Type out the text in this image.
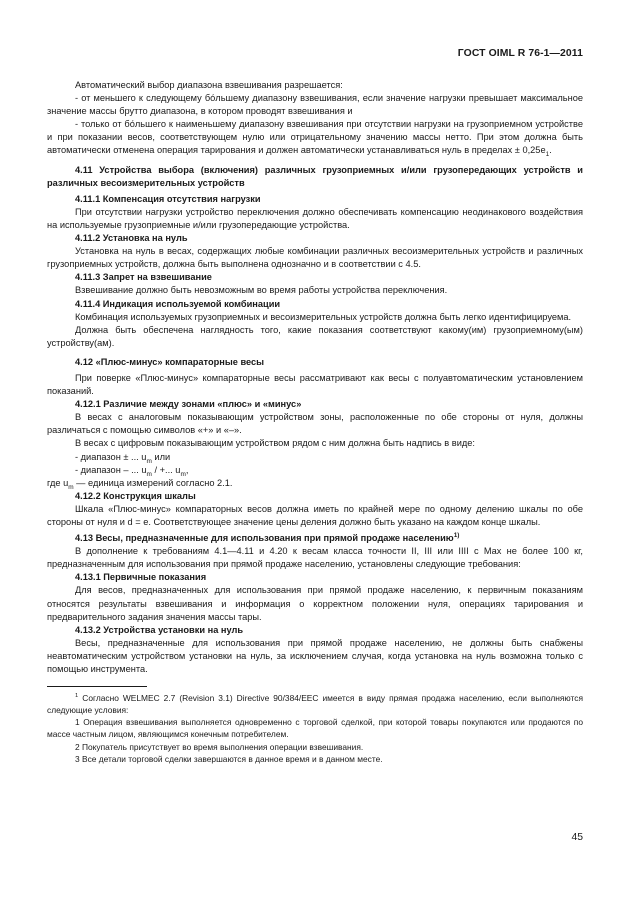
ГОСТ OIML R 76-1—2011

Автоматический выбор диапазона взвешивания разрешается:

- от меньшего к следующему бо́льшему диапазону взвешивания, если значение нагрузки превышает максимальное значение массы брутто диапазона, в котором проводят взвешивания и

- только от бо́льшего к наименьшему диапазону взвешивания при отсутствии нагрузки на грузоприемном устройстве и при показании весов, соответствующем нулю или отрицательному значению массы нетто. При этом должна быть автоматически отменена операция тарирования и должен автоматически устанавливаться нуль в пределах ± $0,25e_1$.

4.11 Устройства выбора (включения) различных грузоприемных и/или грузопередающих устройств и различных весоизмерительных устройств

4.11.1 Компенсация отсутствия нагрузки

При отсутствии нагрузки устройство переключения должно обеспечивать компенсацию неодинакового воздействия на используемые грузоприемные и/или грузопередающие устройства.

4.11.2 Установка на нуль

Установка на нуль в весах, содержащих любые комбинации различных весоизмерительных устройств и различных грузоприемных устройств, должна быть выполнена однозначно и в соответствии с 4.5.

4.11.3 Запрет на взвешивание

Взвешивание должно быть невозможным во время работы устройства переключения.

4.11.4 Индикация используемой комбинации

Комбинация используемых грузоприемных и весоизмерительных устройств должна быть легко идентифицируема.

Должна быть обеспечена наглядность того, какие показания соответствуют какому(им) грузоприемному(ым) устройству(ам).

4.12 «Плюс-минус» компараторные весы

При поверке «Плюс-минус» компараторные весы рассматривают как весы с полуавтоматическим установлением показаний.

4.12.1 Различие между зонами «плюс» и «минус»

В весах с аналоговым показывающим устройством зоны, расположенные по обе стороны от нуля, должны различаться с помощью символов «+» и «–».

В весах с цифровым показывающим устройством рядом с ним должна быть надпись в виде:

- диапазон ± ... $u_m$ или

- диапазон – ... $u_m$ / +... $u_m$,

где $u_m$ — единица измерений согласно 2.1.

4.12.2 Конструкция шкалы

Шкала «Плюс-минус» компараторных весов должна иметь по крайней мере по одному делению шкалы по обе стороны от нуля и d = e. Соответствующее значение цены деления должно быть указано на каждом конце шкалы.

4.13 Весы, предназначенные для использования при прямой продаже населению$^{1)}$

В дополнение к требованиям 4.1—4.11 и 4.20 к весам класса точности II, III или IIII с Max не более 100 кг, предназначенным для использования при прямой продаже населению, установлены следующие требования:

4.13.1 Первичные показания

Для весов, предназначенных для использования при прямой продаже населению, к первичным показаниям относятся результаты взвешивания и информация о корректном положении нуля, операциях тарирования и предварительного задания значения массы тары.

4.13.2 Устройства установки на нуль

Весы, предназначенные для использования при прямой продаже населению, не должны быть снабжены неавтоматическим устройством установки на нуль, за исключением случая, когда установка на нуль возможна только с помощью инструмента.

$^1$ Согласно WELMEC 2.7 (Revision 3.1) Directive 90/384/EEC имеется в виду прямая продажа населению, если выполняются следующие условия:

1 Операция взвешивания выполняется одновременно с торговой сделкой, при которой товары покупаются или продаются по массе частным лицом, являющимся конечным потребителем.

2 Покупатель присутствует во время выполнения операции взвешивания.

3 Все детали торговой сделки завершаются в данное время и в данном месте.

45
